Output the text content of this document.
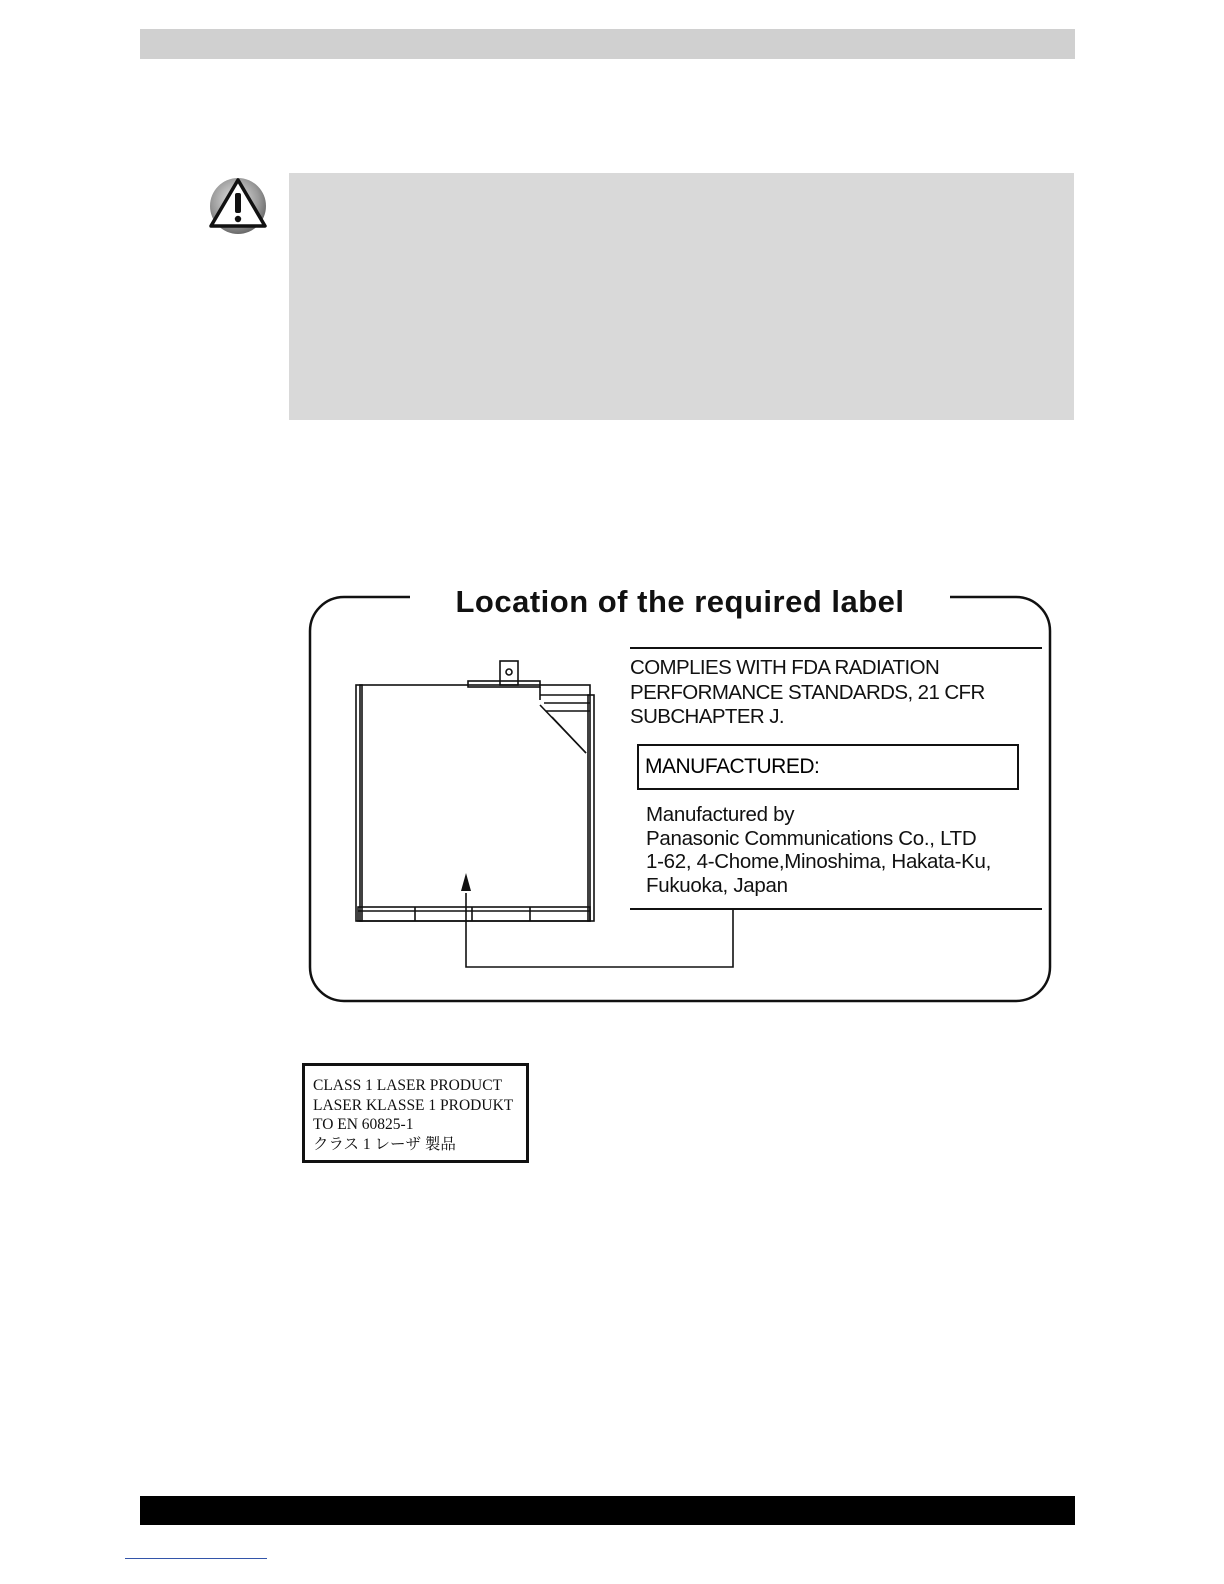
Location of the required label
COMPLIES WITH FDA RADIATION
PERFORMANCE STANDARDS, 21 CFR
SUBCHAPTER J.
MANUFACTURED:
Manufactured by
Panasonic Communications Co., LTD
1-62, 4-Chome,Minoshima, Hakata-Ku,
Fukuoka, Japan
CLASS 1 LASER PRODUCT
LASER KLASSE 1 PRODUKT
TO EN 60825-1
クラス 1 レーザ 製品
